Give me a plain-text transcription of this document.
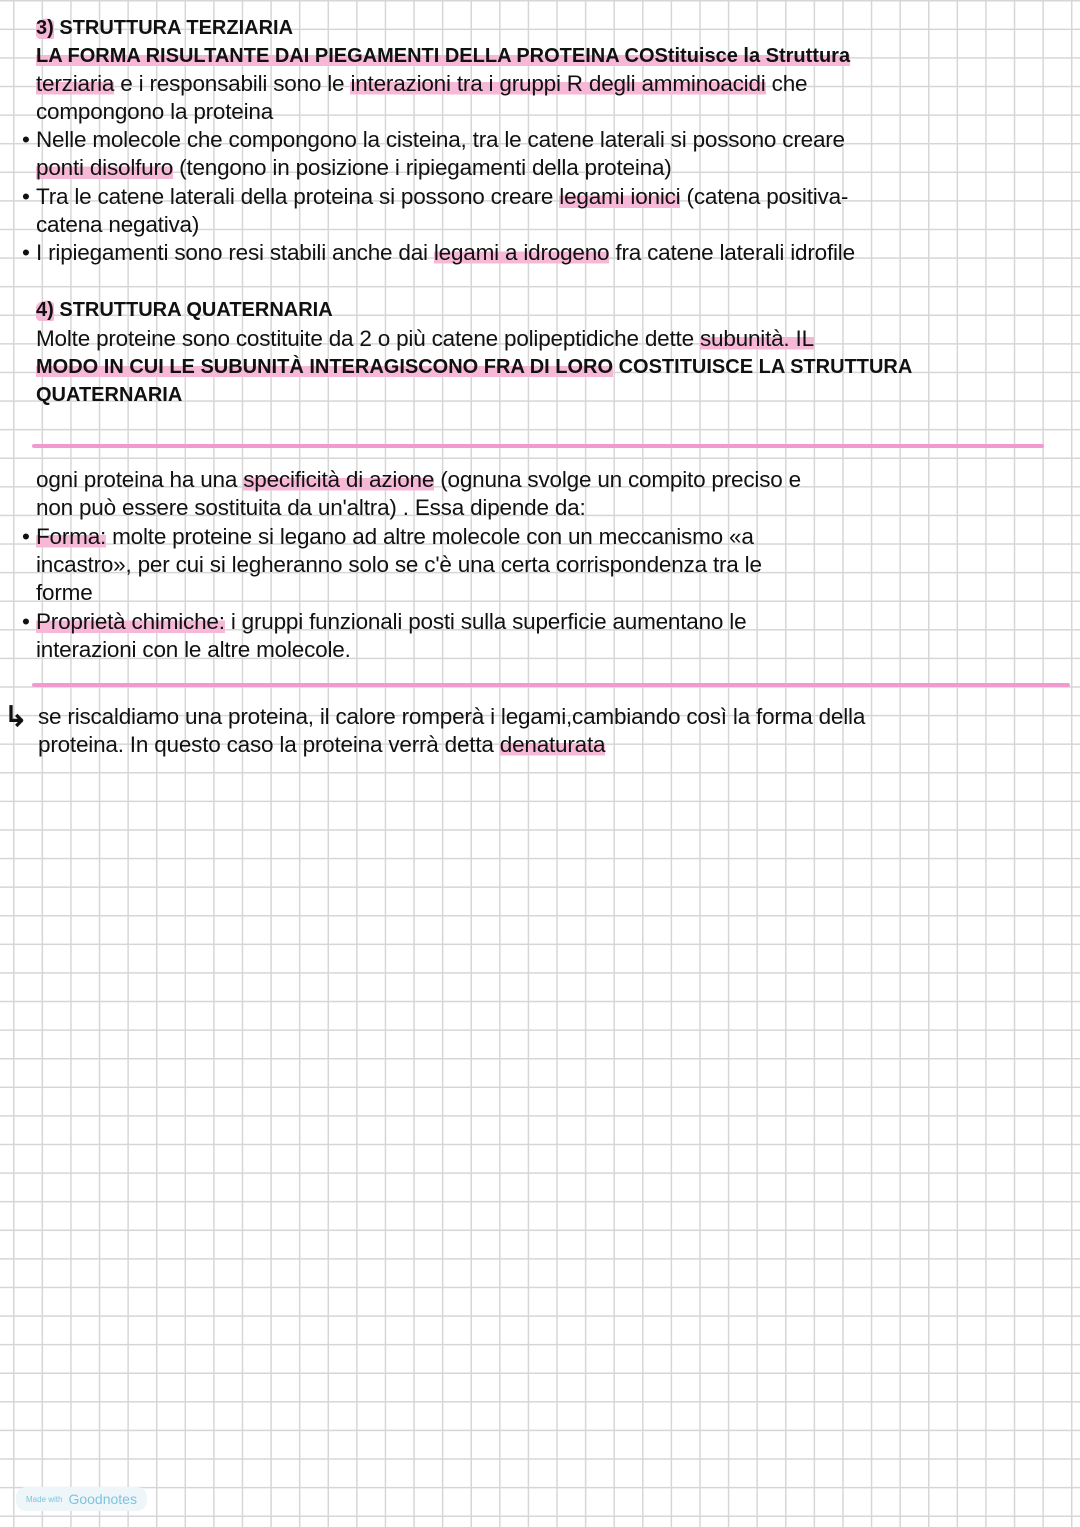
3) STRUTTURA TERZIARIA
LA FORMA RISULTANTE DAI PIEGAMENTI DELLA PROTEINA COStituisce la Struttura
terziaria e i responsabili sono le interazioni tra i gruppi R degli amminoacidi che
compongono la proteina
• Nelle molecole che compongono la cisteina, tra le catene laterali si possono creare
ponti disolfuro (tengono in posizione i ripiegamenti della proteina)
• Tra le catene laterali della proteina si possono creare legami ionici (catena positiva-
catena negativa)
• I ripiegamenti sono resi stabili anche dai legami a idrogeno fra catene laterali idrofile
4) STRUTTURA QUATERNARIA
Molte proteine sono costituite da 2 o più catene polipeptidiche dette subunità. IL
MODO IN CUI LE SUBUNITÀ INTERAGISCONO FRA DI LORO COSTITUISCE LA STRUTTURA
QUATERNARIA
ogni proteina ha una specificità di azione (ognuna svolge un compito preciso e
non può essere sostituita da un'altra) . Essa dipende da:
• Forma: molte proteine si legano ad altre molecole con un meccanismo «a
incastro», per cui si legheranno solo se c'è una certa corrispondenza tra le
forme
• Proprietà chimiche: i gruppi funzionali posti sulla superficie aumentano le
interazioni con le altre molecole.
se riscaldiamo una proteina, il calore romperà i legami,cambiando così la forma della
proteina. In questo caso la proteina verrà detta denaturata
↳
Made with Goodnotes
